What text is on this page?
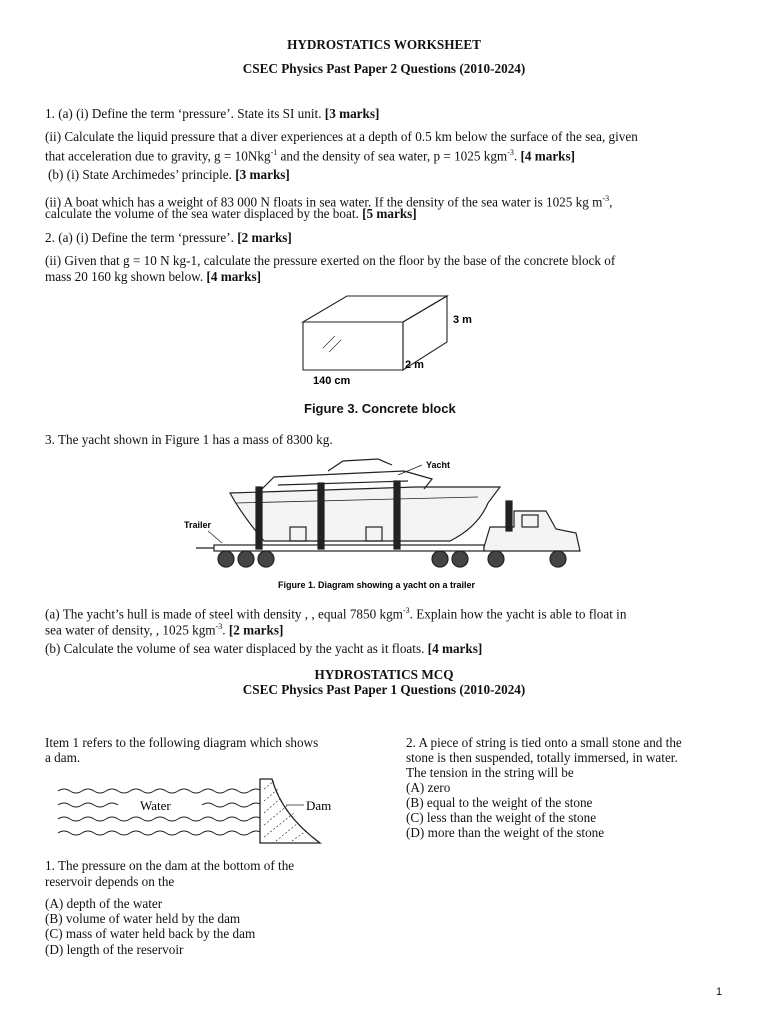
HYDROSTATICS WORKSHEET
CSEC Physics Past Paper 2 Questions (2010-2024)
1. (a) (i) Define the term ‘pressure’. State its SI unit. [3 marks]
(ii) Calculate the liquid pressure that a diver experiences at a depth of 0.5 km below the surface of the sea, given
that acceleration due to gravity, g = 10Nkg$^{-1}$ and the density of sea water, p = 1025 kgm$^{-3}$. [4 marks]
(b) (i) State Archimedes’ principle. [3 marks]
(ii) A boat which has a weight of 83 000 N floats in sea water. If the density of the sea water is 1025 kg $m^{-3}$,
calculate the volume of the sea water displaced by the boat. [5 marks]
2. (a) (i) Define the term ‘pressure’. [2 marks]
(ii) Given that g = 10 N kg-1, calculate the pressure exerted on the floor by the base of the concrete block of
mass 20 160 kg shown below. [4 marks]
3 m
2 m
140 cm
Figure 3. Concrete block
3. The yacht shown in Figure 1 has a mass of 8300 kg.
Yacht
Trailer
Figure 1. Diagram showing a yacht on a trailer
(a) The yacht’s hull is made of steel with density , , equal 7850 kgm$^{-3}$. Explain how the yacht is able to float in
sea water of density, , 1025 kgm$^{-3}$. [2 marks]
(b) Calculate the volume of sea water displaced by the yacht as it floats. [4 marks]
HYDROSTATICS MCQ
CSEC Physics Past Paper 1 Questions (2010-2024)
Item 1 refers to the following diagram which shows
a dam.
Water	Dam
1. The pressure on the dam at the bottom of the
reservoir depends on the
(A) depth of the water
(B) volume of water held by the dam
(C) mass of water held back by the dam
(D) length of the reservoir
2. A piece of string is tied onto a small stone and the
stone is then suspended, totally immersed, in water.
The tension in the string will be
(A) zero
(B) equal to the weight of the stone
(C) less than the weight of the stone
(D) more than the weight of the stone
1
